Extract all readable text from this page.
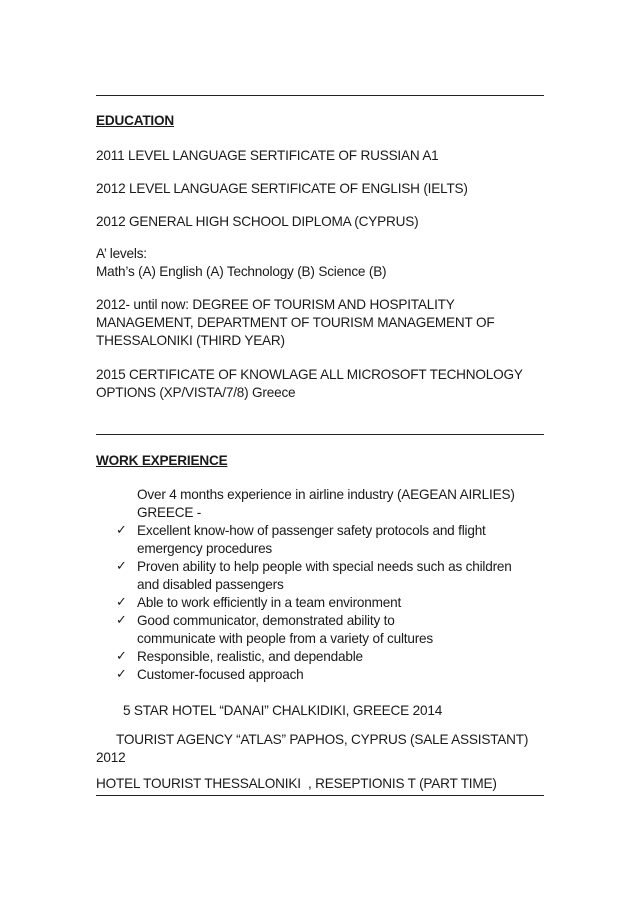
EDUCATION
2011 LEVEL LANGUAGE SERTIFICATE OF RUSSIAN A1
2012 LEVEL LANGUAGE SERTIFICATE OF ENGLISH (IELTS)
2012 GENERAL HIGH SCHOOL DIPLOMA (CYPRUS)
A’ levels:
Math’s (A) English (A) Technology (B) Science (B)
2012- until now: DEGREE OF TOURISM AND HOSPITALITY
MANAGEMENT, DEPARTMENT OF TOURISM MANAGEMENT OF
THESSALONIKI (THIRD YEAR)
2015 CERTIFICATE OF KNOWLAGE ALL MICROSOFT TECHNOLOGY
OPTIONS (XP/VISTA/7/8) Greece
WORK EXPERIENCE
Over 4 months experience in airline industry (AEGEAN AIRLIES)
GREECE -
✓ Excellent know-how of passenger safety protocols and flight
emergency procedures
✓ Proven ability to help people with special needs such as children
and disabled passengers
✓ Able to work efficiently in a team environment
✓ Good communicator, demonstrated ability to
communicate with people from a variety of cultures
✓ Responsible, realistic, and dependable
✓ Customer-focused approach
5 STAR HOTEL “DANAI” CHALKIDIKI, GREECE 2014
TOURIST AGENCY “ATLAS” PAPHOS, CYPRUS (SALE ASSISTANT)
2012
HOTEL TOURIST THESSALONIKI  , RESEPTIONIS T (PART TIME)
